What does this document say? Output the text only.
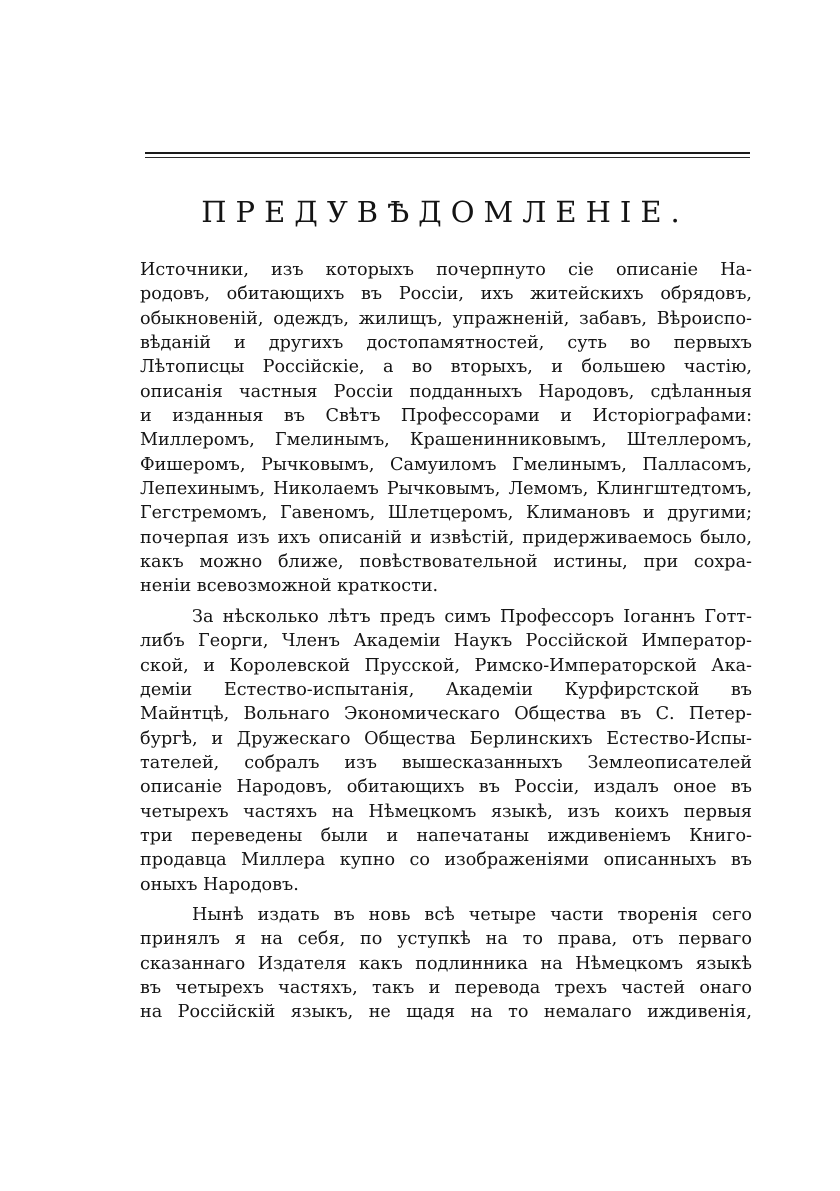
ПРЕДУВѢДОМЛЕНIЕ.
Источники, изъ которыхъ почерпнуто сiе описанiе На-
родовъ, обитающихъ въ Россiи, ихъ житейскихъ обрядовъ,
обыкновенiй, одеждъ, жилищъ, упражненiй, забавъ, Вѣроиспо-
вѣданiй и другихъ достопамятностей, суть во первыхъ
Лѣтописцы Россiйскiе, а во вторыхъ, и большею частiю,
описанiя частныя Россiи подданныхъ Народовъ, сдѣланныя
и изданныя въ Свѣтъ Профессорами и Исторiографами:
Миллеромъ, Гмелинымъ, Крашенинниковымъ, Штеллеромъ,
Фишеромъ, Рычковымъ, Самуиломъ Гмелинымъ, Палласомъ,
Лепехинымъ, Николаемъ Рычковымъ, Лемомъ, Клингштедтомъ,
Гегстремомъ, Гавеномъ, Шлетцеромъ, Климановъ и другими;
почерпая изъ ихъ описанiй и извѣстiй, придерживаемось было,
какъ можно ближе, повѣствовательной истины, при сохра-
ненiи всевозможной краткости.
За нѣсколько лѣтъ предъ симъ Профессоръ Iоганнъ Готт-
либъ Георги, Членъ Академiи Наукъ Россiйской Император-
ской, и Королевской Прусской, Римско-Императорской Ака-
демiи Естество-испытанiя, Академiи Курфирстской въ
Майнтцѣ, Вольнаго Экономическаго Общества въ С. Петер-
бургѣ, и Дружескаго Общества Берлинскихъ Естество-Испы-
тателей, собралъ изъ вышесказанныхъ Землеописателей
описанiе Народовъ, обитающихъ въ Россiи, издалъ оное въ
четырехъ частяхъ на Нѣмецкомъ языкѣ, изъ коихъ первыя
три переведены были и напечатаны иждивенiемъ Книго-
продавца Миллера купно со изображенiями описанныхъ въ
оныхъ Народовъ.
Нынѣ издать въ новь всѣ четыре части творенiя сего
принялъ я на себя, по уступкѣ на то права, отъ перваго
сказаннаго Издателя какъ подлинника на Нѣмецкомъ языкѣ
въ четырехъ частяхъ, такъ и перевода трехъ частей онаго
на Россiйскiй языкъ, не щадя на то немалаго иждивенiя,
